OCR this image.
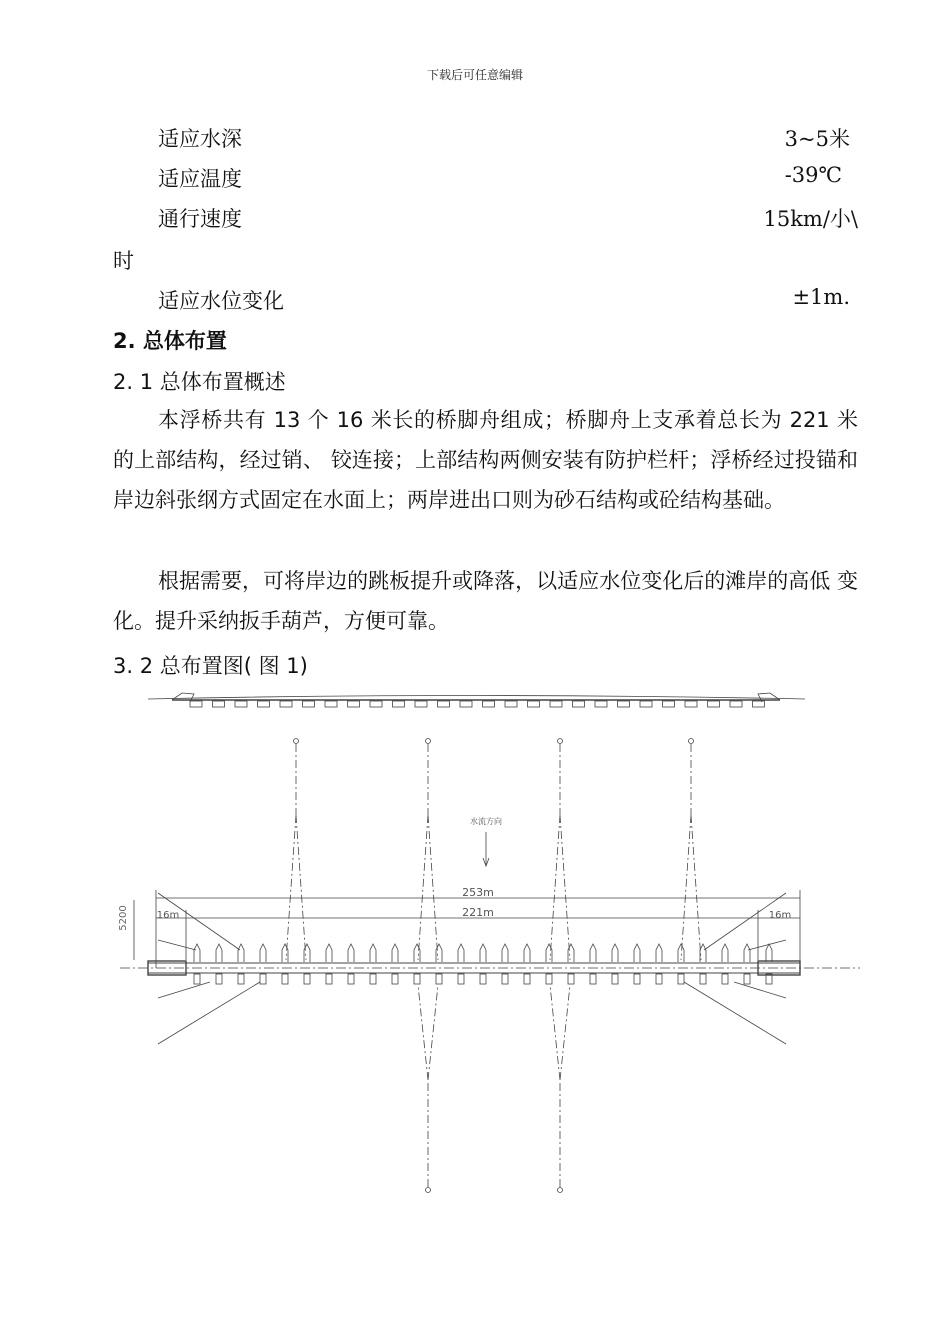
下载后可任意编辑
适应水深	3~5米
适应温度	-39℃
通行速度	15km/小\
时
适应水位变化	±1m.
2. 总体布置
2. 1 总体布置概述
本浮桥共有 13 个 16 米长的桥脚舟组成；桥脚舟上支承着总长为 221 米的上部结构，经过销、 铰连接；上部结构两侧安装有防护栏杆；浮桥经过投锚和岸边斜张纲方式固定在水面上；两岸进出口则为砂石结构或砼结构基础。
根据需要，可将岸边的跳板提升或降落，以适应水位变化后的滩岸的高低 变化。提升采纳扳手葫芦，方便可靠。
3. 2 总布置图( 图 1)
水流方向
253m
221m
16m	16m
5200
